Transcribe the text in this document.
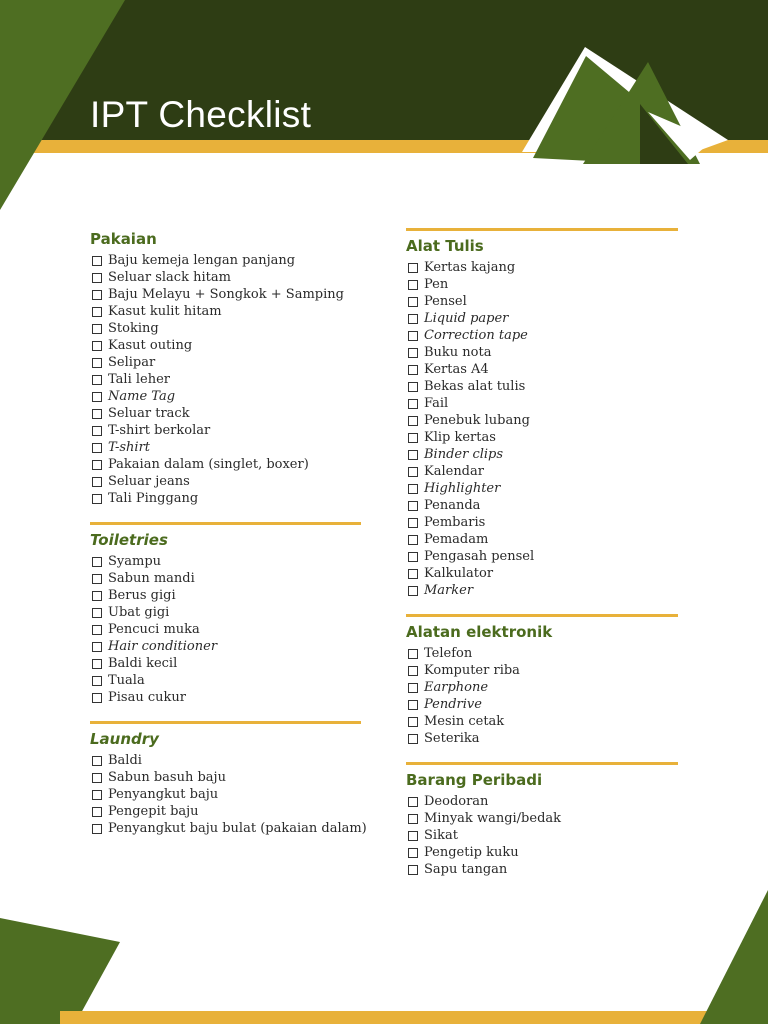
IPT Checklist
Pakaian
Baju kemeja lengan panjang
Seluar slack hitam
Baju Melayu + Songkok + Samping
Kasut kulit hitam
Stoking
Kasut outing
Selipar
Tali leher
Name Tag
Seluar track
T-shirt berkolar
T-shirt
Pakaian dalam (singlet, boxer)
Seluar jeans
Tali Pinggang
Toiletries
Syampu
Sabun mandi
Berus gigi
Ubat gigi
Pencuci muka
Hair conditioner
Baldi kecil
Tuala
Pisau cukur
Laundry
Baldi
Sabun basuh baju
Penyangkut baju
Pengepit baju
Penyangkut baju bulat (pakaian dalam)
Alat Tulis
Kertas kajang
Pen
Pensel
Liquid paper
Correction tape
Buku nota
Kertas A4
Bekas alat tulis
Fail
Penebuk lubang
Klip kertas
Binder clips
Kalendar
Highlighter
Penanda
Pembaris
Pemadam
Pengasah pensel
Kalkulator
Marker
Alatan elektronik
Telefon
Komputer riba
Earphone
Pendrive
Mesin cetak
Seterika
Barang Peribadi
Deodoran
Minyak wangi/bedak
Sikat
Pengetip kuku
Sapu tangan
